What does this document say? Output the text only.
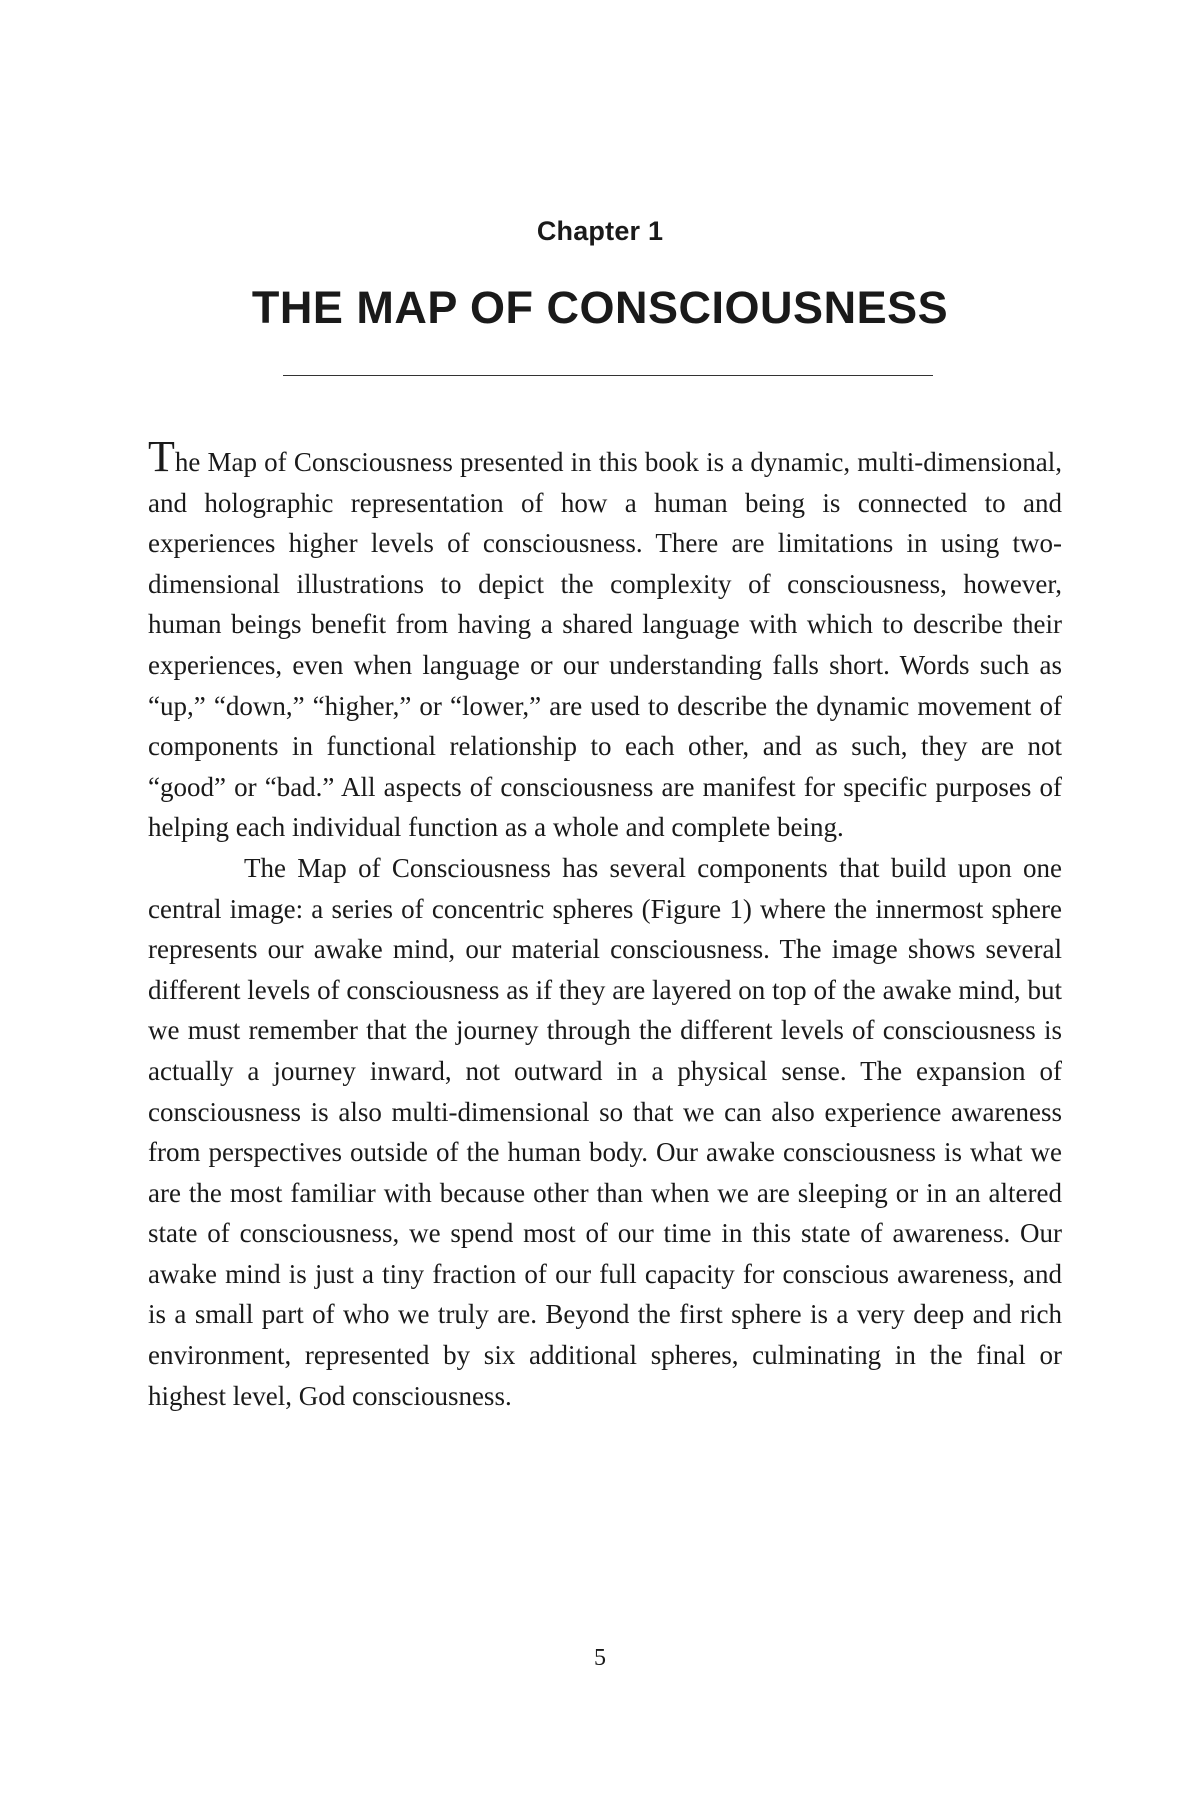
Chapter 1
THE MAP OF CONSCIOUSNESS

The Map of Consciousness presented in this book is a dynamic, multi-dimensional, and holographic representation of how a human being is connected to and experiences higher levels of consciousness. There are limitations in using two-dimensional illustrations to depict the complexity of consciousness, however, human beings benefit from having a shared language with which to describe their experiences, even when language or our understanding falls short. Words such as “up,” “down,” “higher,” or “lower,” are used to describe the dynamic movement of components in functional relationship to each other, and as such, they are not “good” or “bad.” All aspects of consciousness are manifest for specific purposes of helping each individual function as a whole and complete being.

The Map of Consciousness has several components that build upon one central image: a series of concentric spheres (Figure 1) where the innermost sphere represents our awake mind, our material consciousness. The image shows several different levels of consciousness as if they are layered on top of the awake mind, but we must remember that the journey through the different levels of consciousness is actually a journey inward, not outward in a physical sense. The expansion of consciousness is also multi-dimensional so that we can also experience awareness from perspectives outside of the human body. Our awake consciousness is what we are the most familiar with because other than when we are sleeping or in an altered state of consciousness, we spend most of our time in this state of awareness. Our awake mind is just a tiny fraction of our full capacity for conscious awareness, and is a small part of who we truly are. Beyond the first sphere is a very deep and rich environment, represented by six additional spheres, culminating in the final or highest level, God consciousness.

5
